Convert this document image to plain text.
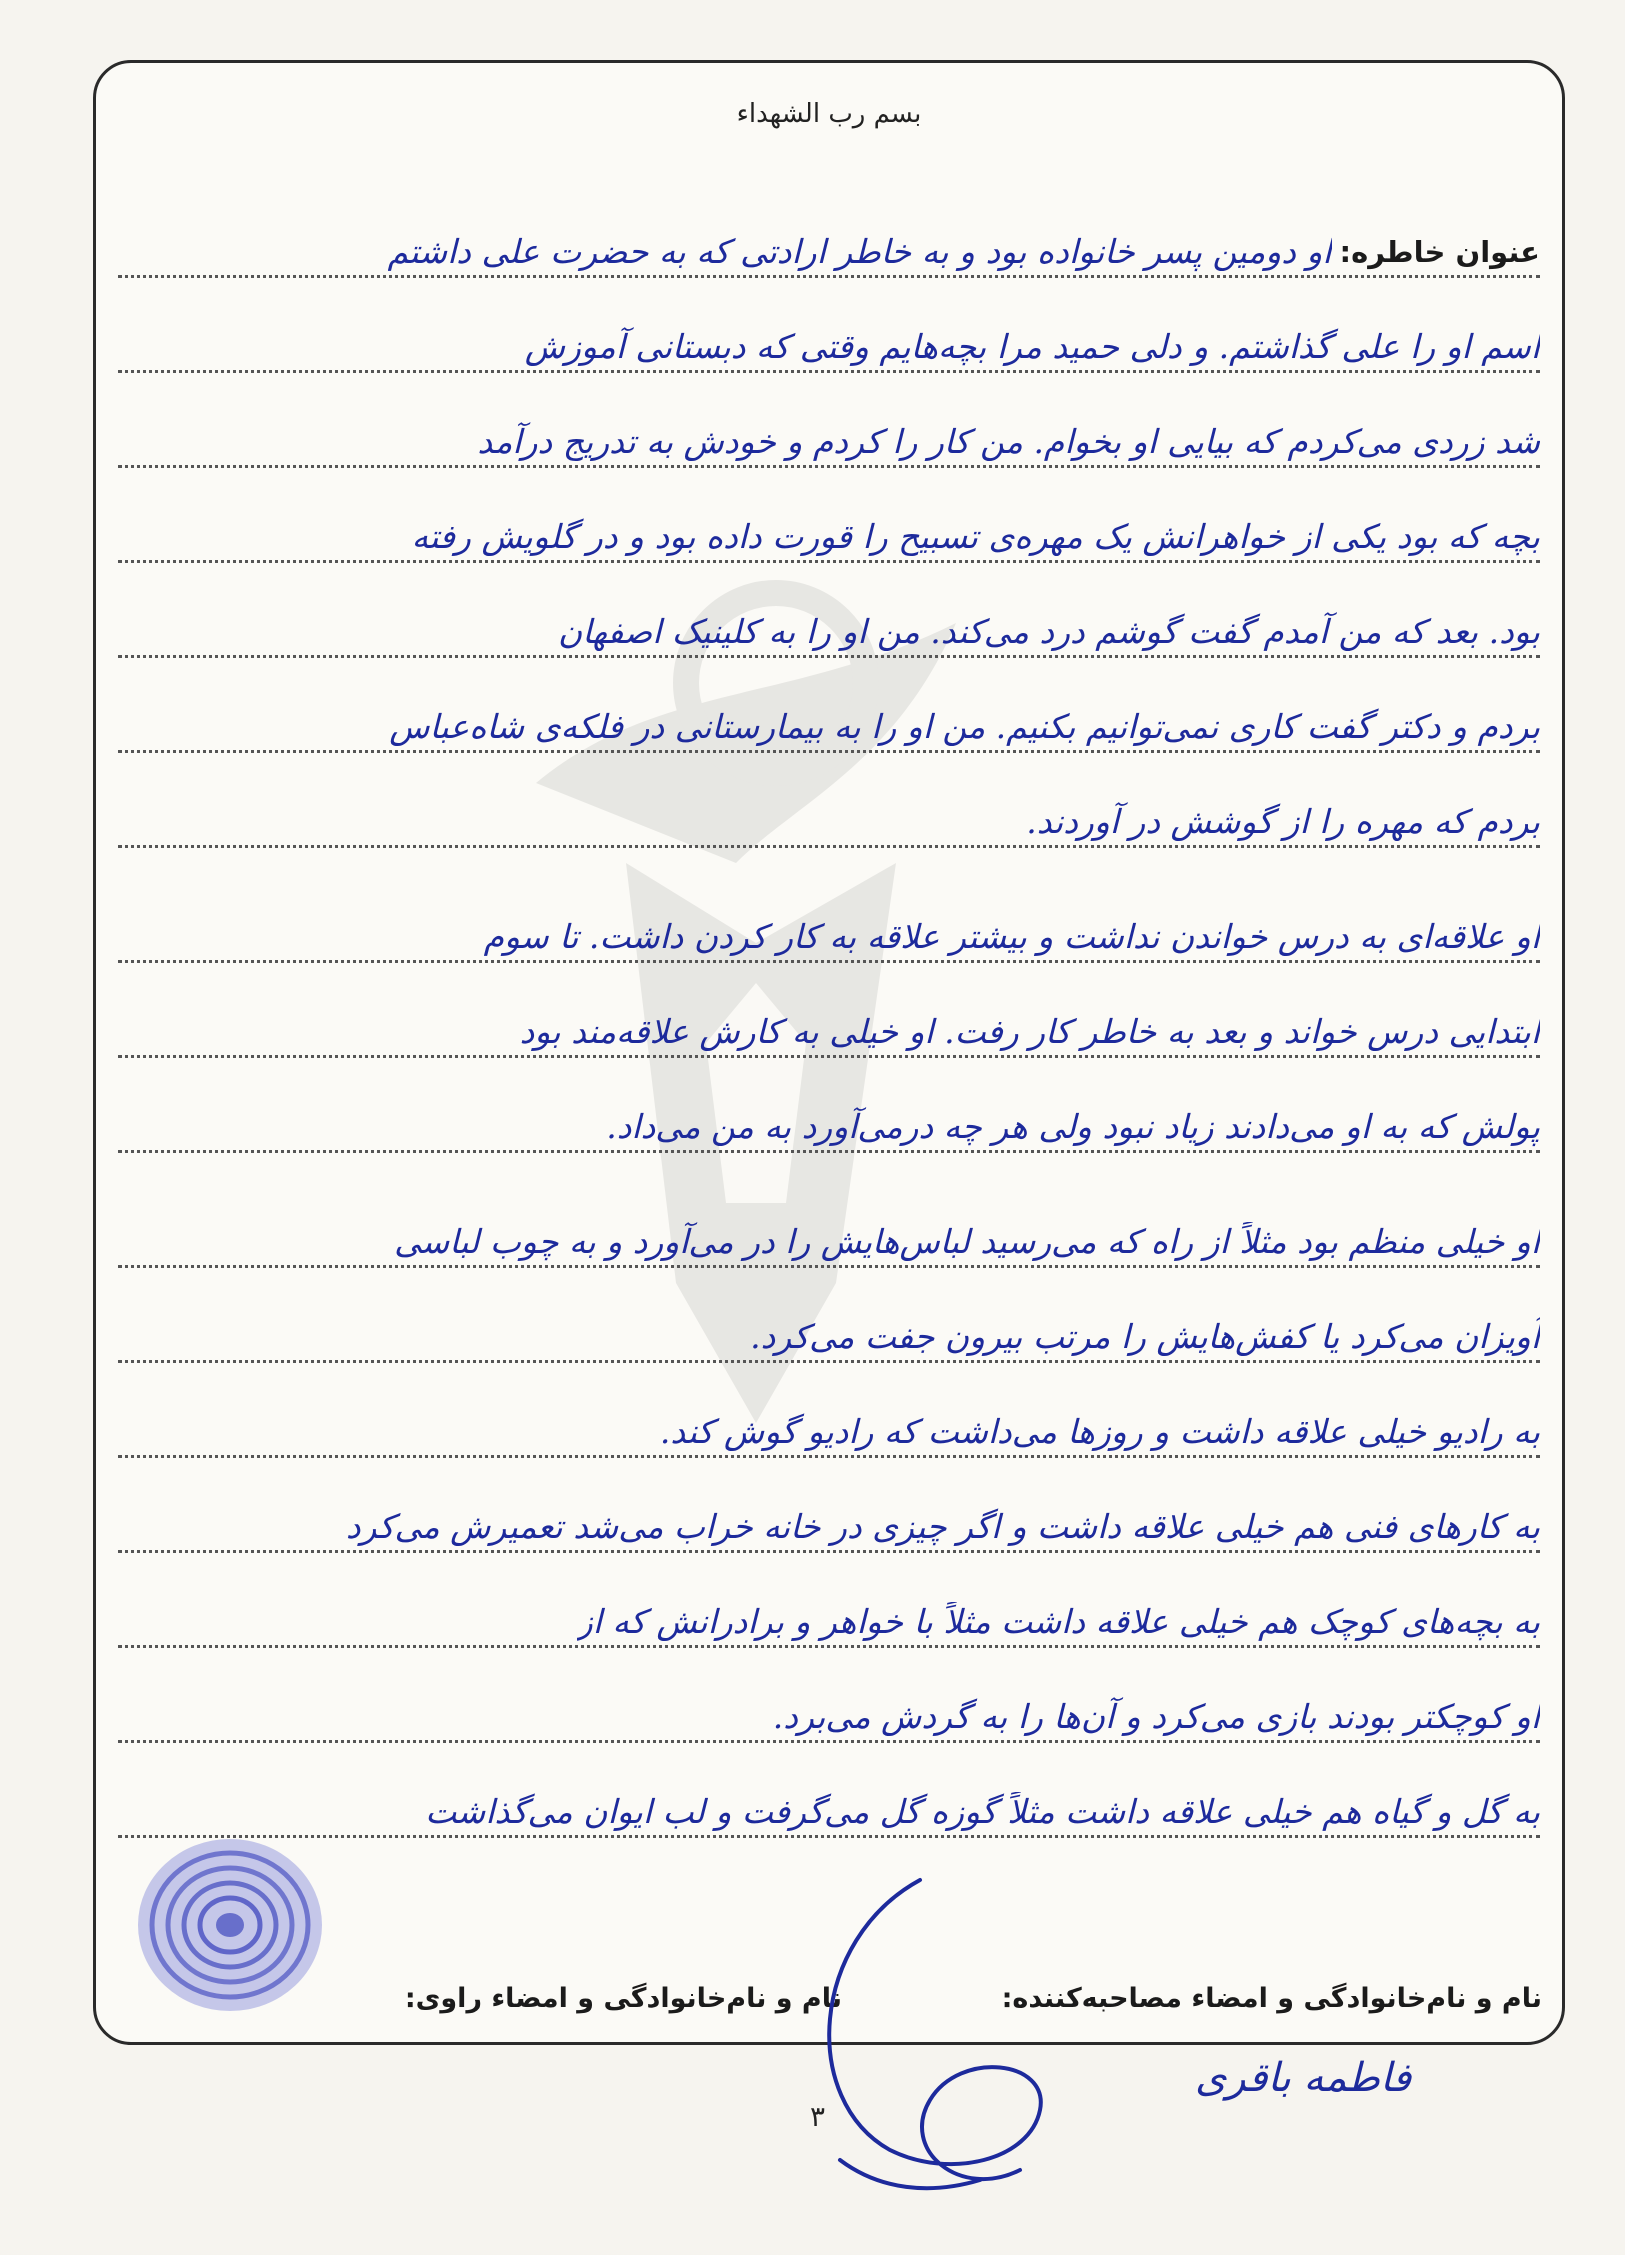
بسم رب الشهداء
عنوان خاطره:
او دومین پسر خانواده بود و به خاطر ارادتی که به حضرت علی داشتم
اسم او را علی گذاشتم. و دلی حمید مرا بچه‌هایم وقتی که دبستانی آموزش
شد زردی می‌کردم که بیایی او بخوام. من کار را کردم و خودش به تدریج درآمد
بچه که بود یکی از خواهرانش یک مهره‌ی تسبیح را قورت داده بود و در گلویش رفته
بود. بعد که من آمدم گفت گوشم درد می‌کند. من او را به کلینیک اصفهان
بردم و دکتر گفت کاری نمی‌توانیم بکنیم. من او را به بیمارستانی در فلکه‌ی شاه‌عباس
بردم که مهره را از گوشش در آوردند.
او علاقه‌ای به درس خواندن نداشت و بیشتر علاقه به کار کردن داشت. تا سوم
ابتدایی درس خواند و بعد به خاطر کار رفت. او خیلی به کارش علاقه‌مند بود
پولش که به او می‌دادند زیاد نبود ولی هر چه درمی‌آورد به من می‌داد.
او خیلی منظم بود مثلاً از راه که می‌رسید لباس‌هایش را در می‌آورد و به چوب لباسی
آویزان می‌کرد یا کفش‌هایش را مرتب بیرون جفت می‌کرد.
به رادیو خیلی علاقه داشت و روزها می‌داشت که رادیو گوش کند.
به کارهای فنی هم خیلی علاقه داشت و اگر چیزی در خانه خراب می‌شد تعمیرش می‌کرد
به بچه‌های کوچک هم خیلی علاقه داشت مثلاً با خواهر و برادرانش که از
او کوچکتر بودند بازی می‌کرد و آن‌ها را به گردش می‌برد.
به گل و گیاه هم خیلی علاقه داشت مثلاً گوزه گل می‌گرفت و لب ایوان می‌گذاشت
نام و نام‌خانوادگی و امضاء مصاحبه‌کننده:
نام و نام‌خانوادگی و امضاء راوی:
فاطمه باقری
۳
